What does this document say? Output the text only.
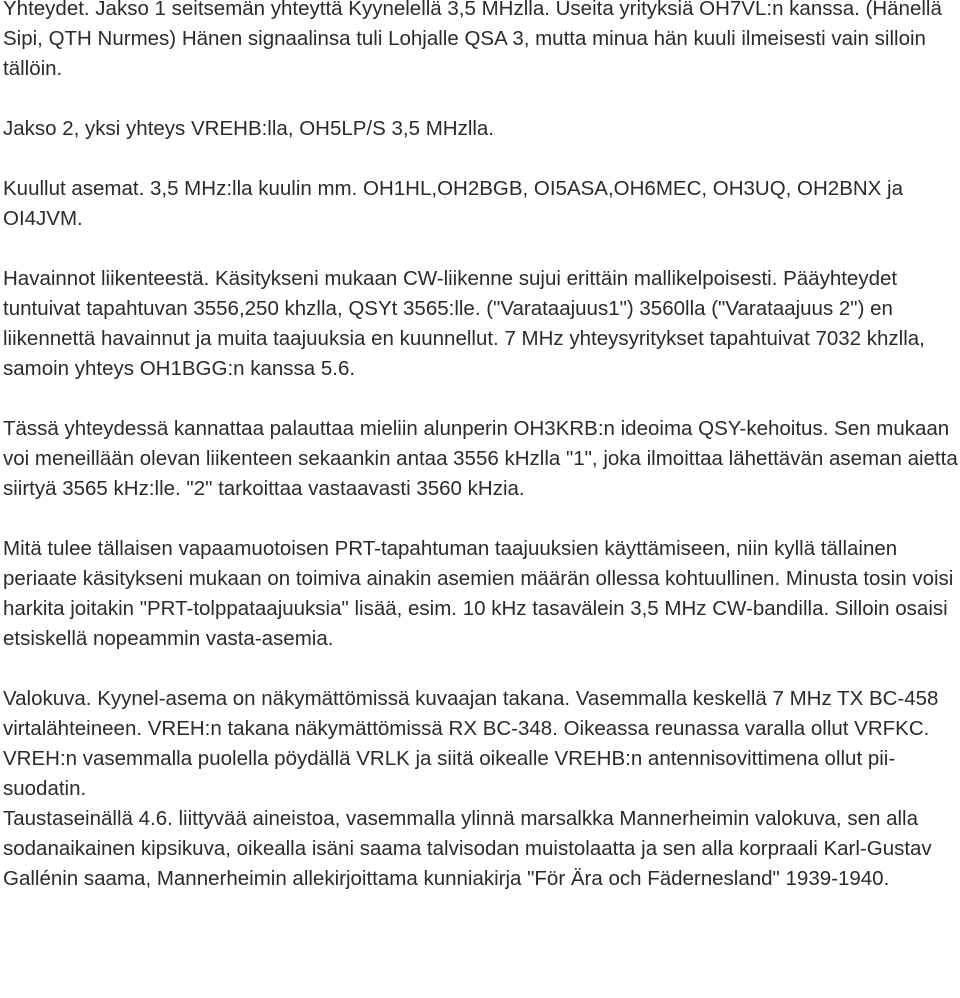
Yhteydet. Jakso 1 seitsemän yhteyttä Kyynelellä 3,5 MHzlla. Useita yrityksiä OH7VL:n kanssa. (Hänellä Sipi, QTH Nurmes) Hänen signaalinsa tuli Lohjalle QSA 3, mutta minua hän kuuli ilmeisesti vain silloin tällöin.

Jakso 2, yksi yhteys VREHB:lla, OH5LP/S 3,5 MHzlla.

Kuullut asemat. 3,5 MHz:lla kuulin mm. OH1HL,OH2BGB, OI5ASA,OH6MEC, OH3UQ, OH2BNX ja OI4JVM.

Havainnot liikenteestä. Käsitykseni mukaan CW-liikenne sujui erittäin mallikelpoisesti. Pääyhteydet tuntuivat tapahtuvan 3556,250 khzlla, QSYt 3565:lle. ("Varataajuus1") 3560lla ("Varataajuus 2") en liikennettä havainnut ja muita taajuuksia en kuunnellut. 7 MHz yhteysyritykset tapahtuivat 7032 khzlla, samoin yhteys OH1BGG:n kanssa 5.6.

Tässä yhteydessä kannattaa palauttaa mieliin alunperin OH3KRB:n ideoima QSY-kehoitus. Sen mukaan voi meneillään olevan liikenteen sekaankin antaa 3556 kHzlla "1", joka ilmoittaa lähettävän aseman aietta siirtyä 3565 kHz:lle. "2" tarkoittaa vastaavasti 3560 kHzia.

Mitä tulee tällaisen vapaamuotoisen PRT-tapahtuman taajuuksien käyttämiseen, niin kyllä tällainen periaate käsitykseni mukaan on toimiva ainakin asemien määrän ollessa kohtuullinen. Minusta tosin voisi harkita joitakin "PRT-tolppataajuuksia" lisää, esim. 10 kHz tasavälein 3,5 MHz CW-bandilla. Silloin osaisi etsiskellä nopeammin vasta-asemia.

Valokuva. Kyynel-asema on näkymättömissä kuvaajan takana. Vasemmalla keskellä 7 MHz TX BC-458 virtalähteineen. VREH:n takana näkymättömissä RX BC-348. Oikeassa reunassa varalla ollut VRFKC. VREH:n vasemmalla puolella pöydällä VRLK ja siitä oikealle VREHB:n antennisovittimena ollut pii-suodatin.

Taustaseinällä 4.6. liittyvää aineistoa, vasemmalla ylinnä marsalkka Mannerheimin valokuva, sen alla sodanaikainen kipsikuva, oikealla isäni saama talvisodan muistolaatta ja sen alla korpraali Karl-Gustav Gallénin saama, Mannerheimin allekirjoittama kunniakirja "För Ära och Fädernesland" 1939-1940.
